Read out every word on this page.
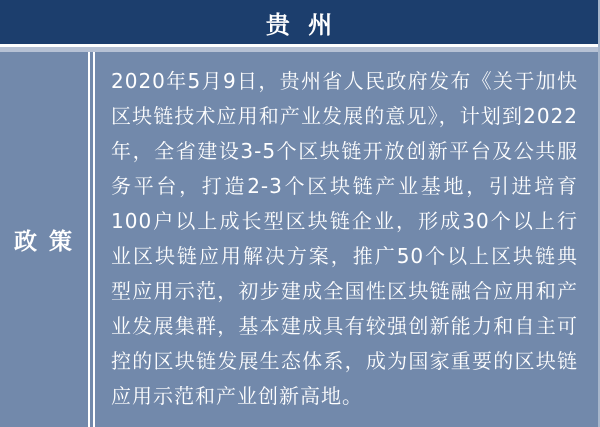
贵 州
政 策

2020年5月9日，贵州省人民政府发布《关于加快区块链技术应用和产业发展的意见》，计划到2022年，全省建设3-5个区块链开放创新平台及公共服务平台，打造2-3个区块链产业基地，引进培育100户以上成长型区块链企业，形成30个以上行业区块链应用解决方案，推广50个以上区块链典型应用示范，初步建成全国性区块链融合应用和产业发展集群，基本建成具有较强创新能力和自主可控的区块链发展生态体系，成为国家重要的区块链应用示范和产业创新高地。
